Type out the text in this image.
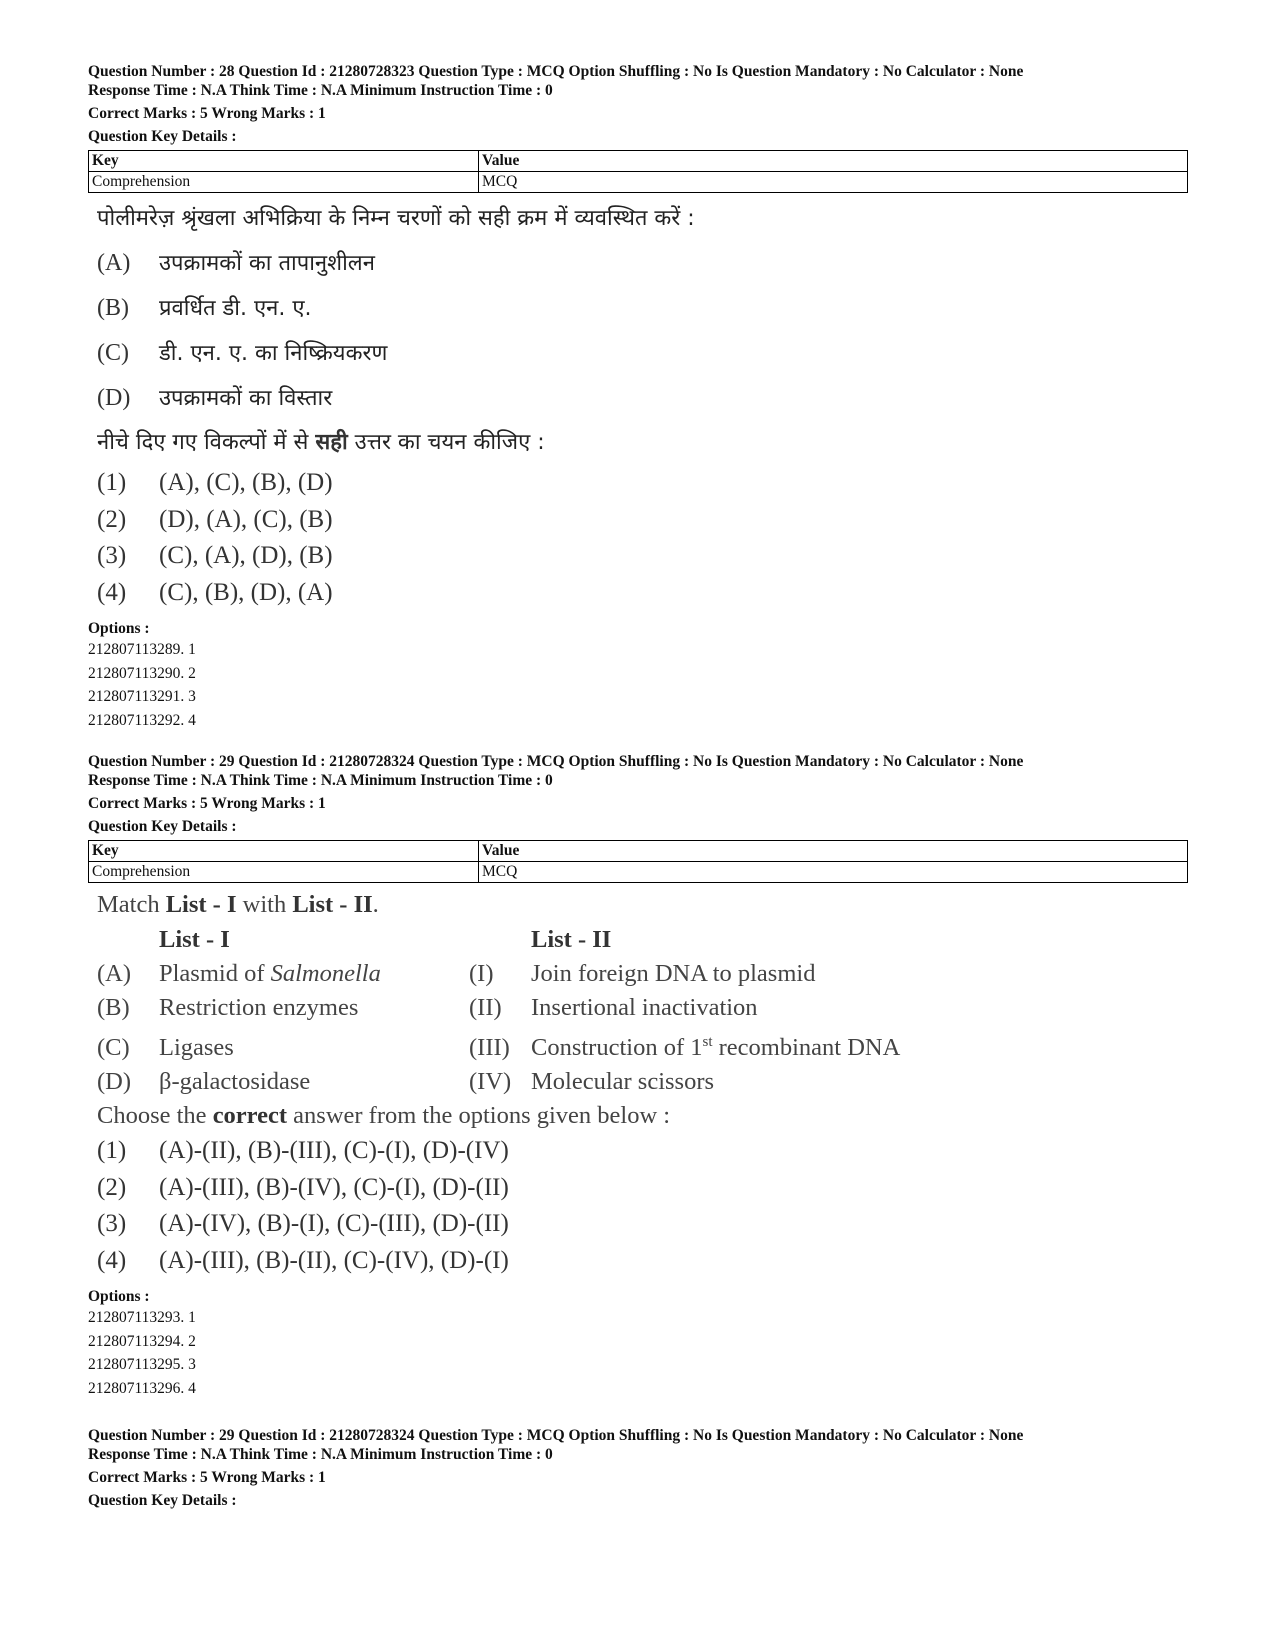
Question Number : 28 Question Id : 21280728323 Question Type : MCQ Option Shuffling : No Is Question Mandatory : No Calculator : None

Response Time : N.A Think Time : N.A Minimum Instruction Time : 0

Correct Marks : 5 Wrong Marks : 1

Question Key Details :

Key	Value
Comprehension	MCQ
पोलीमरेज़ श्रृंखला अभिक्रिया के निम्न चरणों को सही क्रम में व्यवस्थित करें :
(A)	उपक्रामकों का तापानुशीलन
(B)	प्रवर्धित डी. एन. ए.
(C)	डी. एन. ए. का निष्क्रियकरण
(D)	उपक्रामकों का विस्तार
नीचे दिए गए विकल्पों में से सही उत्तर का चयन कीजिए :
(1)	(A), (C), (B), (D)
(2)	(D), (A), (C), (B)
(3)	(C), (A), (D), (B)
(4)	(C), (B), (D), (A)
Options :
212807113289. 1
212807113290. 2
212807113291. 3
212807113292. 4

Question Number : 29 Question Id : 21280728324 Question Type : MCQ Option Shuffling : No Is Question Mandatory : No Calculator : None

Response Time : N.A Think Time : N.A Minimum Instruction Time : 0

Correct Marks : 5 Wrong Marks : 1

Question Key Details :

Key	Value
Comprehension	MCQ
Match List - I with List - II.
List - I	List - II
(A) Plasmid of Salmonella	(I) Join foreign DNA to plasmid
(B) Restriction enzymes	(II) Insertional inactivation
(C) Ligases	(III) Construction of 1st recombinant DNA
(D) β-galactosidase	(IV) Molecular scissors
Choose the correct answer from the options given below :
(1)	(A)-(II), (B)-(III), (C)-(I), (D)-(IV)
(2)	(A)-(III), (B)-(IV), (C)-(I), (D)-(II)
(3)	(A)-(IV), (B)-(I), (C)-(III), (D)-(II)
(4)	(A)-(III), (B)-(II), (C)-(IV), (D)-(I)
Options :
212807113293. 1
212807113294. 2
212807113295. 3
212807113296. 4

Question Number : 29 Question Id : 21280728324 Question Type : MCQ Option Shuffling : No Is Question Mandatory : No Calculator : None

Response Time : N.A Think Time : N.A Minimum Instruction Time : 0

Correct Marks : 5 Wrong Marks : 1

Question Key Details :
